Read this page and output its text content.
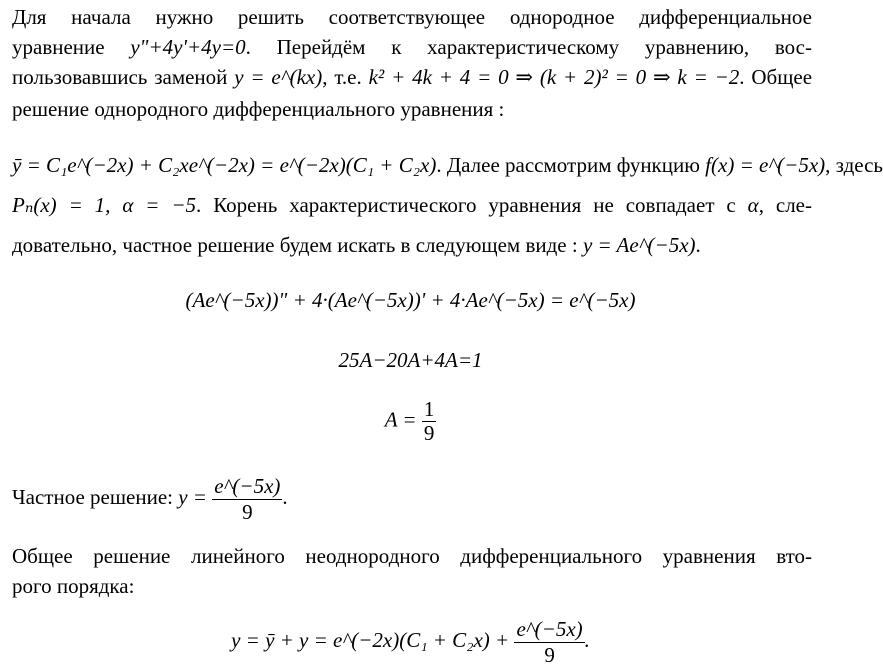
Для начала нужно решить соответствующее однородное дифференциальное
уравнение y"+4y'+4y=0. Перейдём к характеристическому уравнению, вос-
пользовавшись заменой y = e^(kx), т.е. k² + 4k + 4 = 0 ⇒ (k + 2)² = 0 ⇒ k = −2. Общее
решение однородного дифференциального уравнения :
ȳ = C₁e^(−2x) + C₂xe^(−2x) = e^(−2x)(C₁ + C₂x). Далее рассмотрим функцию f(x) = e^(−5x), здесь
Pₙ(x) = 1, α = −5. Корень характеристического уравнения не совпадает с α, сле-
довательно, частное решение будем искать в следующем виде : y = Ae^(−5x).
(Ae^(−5x))" + 4·(Ae^(−5x))' + 4·Ae^(−5x) = e^(−5x)
25A−20A+4A=1
$A = \frac{1}{9}$
Частное решение: $y = \frac{e\^{}(-5x)}{9}$ .
Общее решение линейного неоднородного дифференциального уравнения вто-
рого порядка:
y = ȳ + y = e^(−2x)(C₁ + $C_2x) + \frac{e\^{}(-5x)}{9}$ .
